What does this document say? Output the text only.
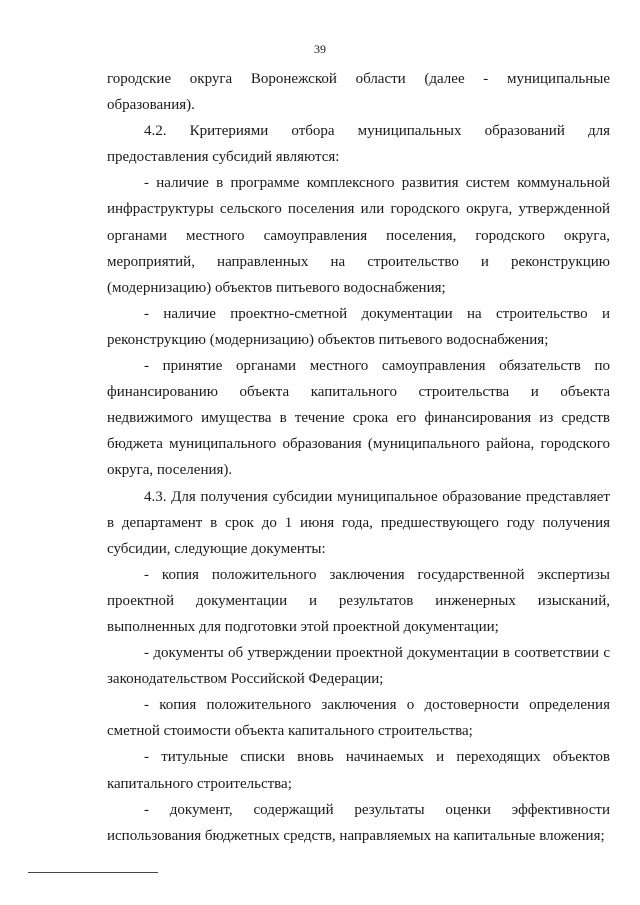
39

городские округа Воронежской области (далее - муниципальные образования).

4.2. Критериями отбора муниципальных образований для предоставления субсидий являются:

- наличие в программе комплексного развития систем коммунальной инфраструктуры сельского поселения или городского округа, утвержденной органами местного самоуправления поселения, городского округа, мероприятий, направленных на строительство и реконструкцию (модернизацию) объектов питьевого водоснабжения;

- наличие проектно-сметной документации на строительство и реконструкцию (модернизацию) объектов питьевого водоснабжения;

- принятие органами местного самоуправления обязательств по финансированию объекта капитального строительства и объекта недвижимого имущества в течение срока его финансирования из средств бюджета муниципального образования (муниципального района, городского округа, поселения).

4.3. Для получения субсидии муниципальное образование представляет в департамент в срок до 1 июня года, предшествующего году получения субсидии, следующие документы:

- копия положительного заключения государственной экспертизы проектной документации и результатов инженерных изысканий, выполненных для подготовки этой проектной документации;

- документы об утверждении проектной документации в соответствии с законодательством Российской Федерации;

- копия положительного заключения о достоверности определения сметной стоимости объекта капитального строительства;

- титульные списки вновь начинаемых и переходящих объектов капитального строительства;

- документ, содержащий результаты оценки эффективности использования бюджетных средств, направляемых на капитальные вложения;
